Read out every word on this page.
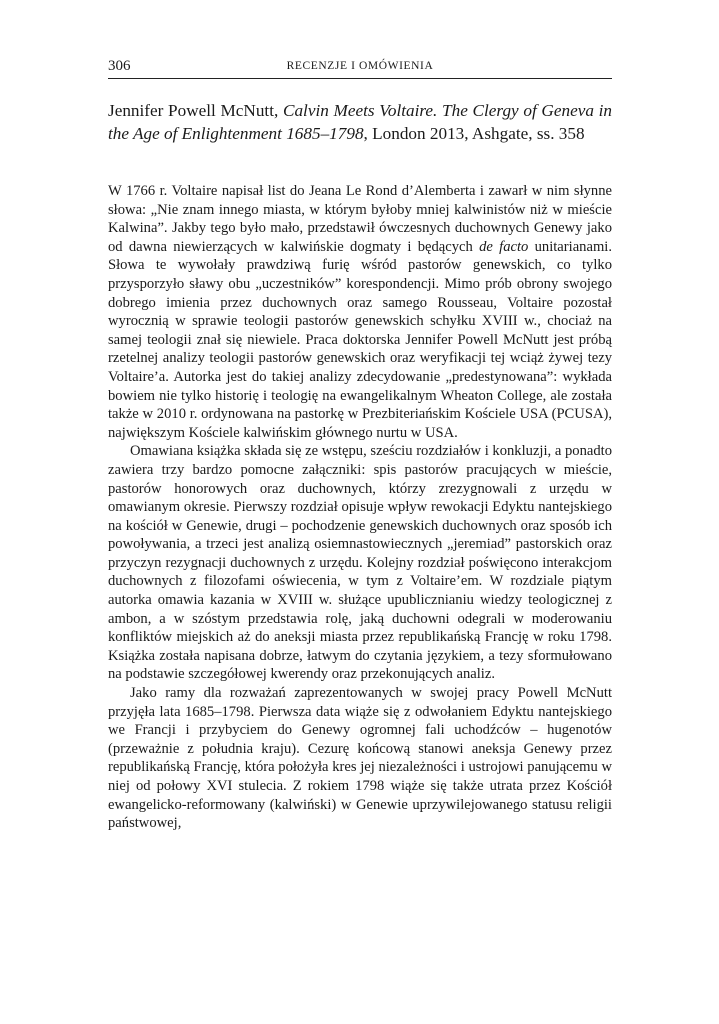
306	RECENZJE I OMÓWIENIA
Jennifer Powell McNutt, Calvin Meets Voltaire. The Clergy of Geneva in the Age of Enlightenment 1685–1798, London 2013, Ashgate, ss. 358

W 1766 r. Voltaire napisał list do Jeana Le Rond d’Alemberta i zawarł w nim słynne słowa: „Nie znam innego miasta, w którym byłoby mniej kalwinistów niż w mieście Kalwina”. Jakby tego było mało, przedstawił ówczesnych duchownych Genewy jako od dawna niewierzących w kalwińskie dogmaty i będących de facto unitarianami. Słowa te wywołały prawdziwą furię wśród pastorów genewskich, co tylko przysporzyło sławy obu „uczestników” korespondencji. Mimo prób obrony swojego dobrego imienia przez duchownych oraz samego Rousseau, Voltaire pozostał wyrocznią w sprawie teologii pastorów genewskich schyłku XVIII w., chociaż na samej teologii znał się niewiele. Praca doktorska Jennifer Powell McNutt jest próbą rzetelnej analizy teologii pastorów genewskich oraz weryfikacji tej wciąż żywej tezy Voltaire’a. Autorka jest do takiej analizy zdecydowanie „predestynowana”: wykłada bowiem nie tylko historię i teologię na ewangelikalnym Wheaton College, ale została także w 2010 r. ordynowana na pastorkę w Prezbiteriańskim Kościele USA (PCUSA), największym Kościele kalwińskim głównego nurtu w USA.

Omawiana książka składa się ze wstępu, sześciu rozdziałów i konkluzji, a ponadto zawiera trzy bardzo pomocne załączniki: spis pastorów pracujących w mieście, pastorów honorowych oraz duchownych, którzy zrezygnowali z urzędu w omawianym okresie. Pierwszy rozdział opisuje wpływ rewokacji Edyktu nantejskiego na kościół w Genewie, drugi – pochodzenie genewskich duchownych oraz sposób ich powoływania, a trzeci jest analizą osiemnastowiecznych „jeremiad” pastorskich oraz przyczyn rezygnacji duchownych z urzędu. Kolejny rozdział poświęcono interakcjom duchownych z filozofami oświecenia, w tym z Voltaire’em. W rozdziale piątym autorka omawia kazania w XVIII w. służące upublicznianiu wiedzy teologicznej z ambon, a w szóstym przedstawia rolę, jaką duchowni odegrali w moderowaniu konfliktów miejskich aż do aneksji miasta przez republikańską Francję w roku 1798. Książka została napisana dobrze, łatwym do czytania językiem, a tezy sformułowano na podstawie szczegółowej kwerendy oraz przekonujących analiz.

Jako ramy dla rozważań zaprezentowanych w swojej pracy Powell McNutt przyjęła lata 1685–1798. Pierwsza data wiąże się z odwołaniem Edyktu nantejskiego we Francji i przybyciem do Genewy ogromnej fali uchodźców – hugenotów (przeważnie z południa kraju). Cezurę końcową stanowi aneksja Genewy przez republikańską Francję, która położyła kres jej niezależności i ustrojowi panującemu w niej od połowy XVI stulecia. Z rokiem 1798 wiąże się także utrata przez Kościół ewangelicko-reformowany (kalwiński) w Genewie uprzywilejowanego statusu religii państwowej,
